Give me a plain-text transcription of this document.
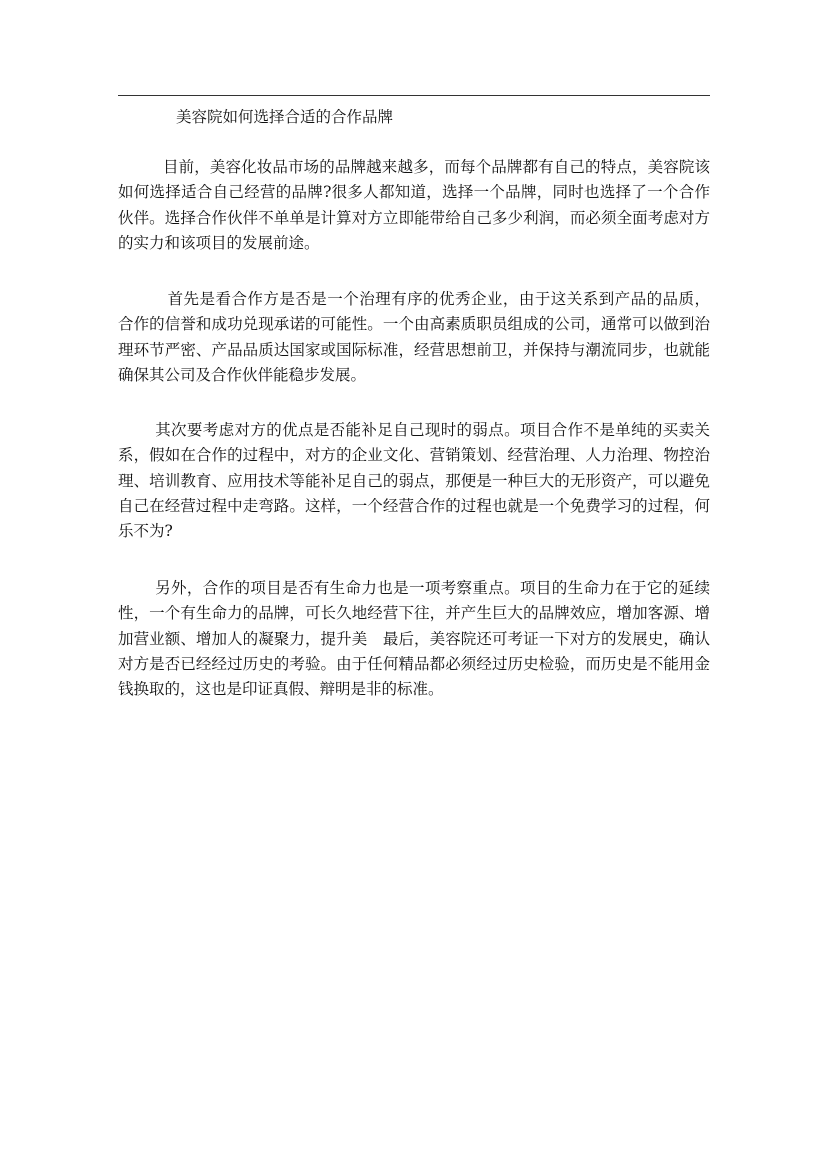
美容院如何选择合适的合作品牌

目前，美容化妆品市场的品牌越来越多，而每个品牌都有自己的特点，美容院该如何选择适合自己经营的品牌?很多人都知道，选择一个品牌，同时也选择了一个合作伙伴。选择合作伙伴不单单是计算对方立即能带给自己多少利润，而必须全面考虑对方的实力和该项目的发展前途。

首先是看合作方是否是一个治理有序的优秀企业，由于这关系到产品的品质，合作的信誉和成功兑现承诺的可能性。一个由高素质职员组成的公司，通常可以做到治理环节严密、产品品质达国家或国际标准，经营思想前卫，并保持与潮流同步，也就能确保其公司及合作伙伴能稳步发展。

其次要考虑对方的优点是否能补足自己现时的弱点。项目合作不是单纯的买卖关系，假如在合作的过程中，对方的企业文化、营销策划、经营治理、人力治理、物控治理、培训教育、应用技术等能补足自己的弱点，那便是一种巨大的无形资产，可以避免自己在经营过程中走弯路。这样，一个经营合作的过程也就是一个免费学习的过程，何乐不为?

另外，合作的项目是否有生命力也是一项考察重点。项目的生命力在于它的延续性，一个有生命力的品牌，可长久地经营下往，并产生巨大的品牌效应，增加客源、增加营业额、增加人的凝聚力，提升美　最后，美容院还可考证一下对方的发展史，确认对方是否已经经过历史的考验。由于任何精品都必须经过历史检验，而历史是不能用金钱换取的，这也是印证真假、辩明是非的标准。
